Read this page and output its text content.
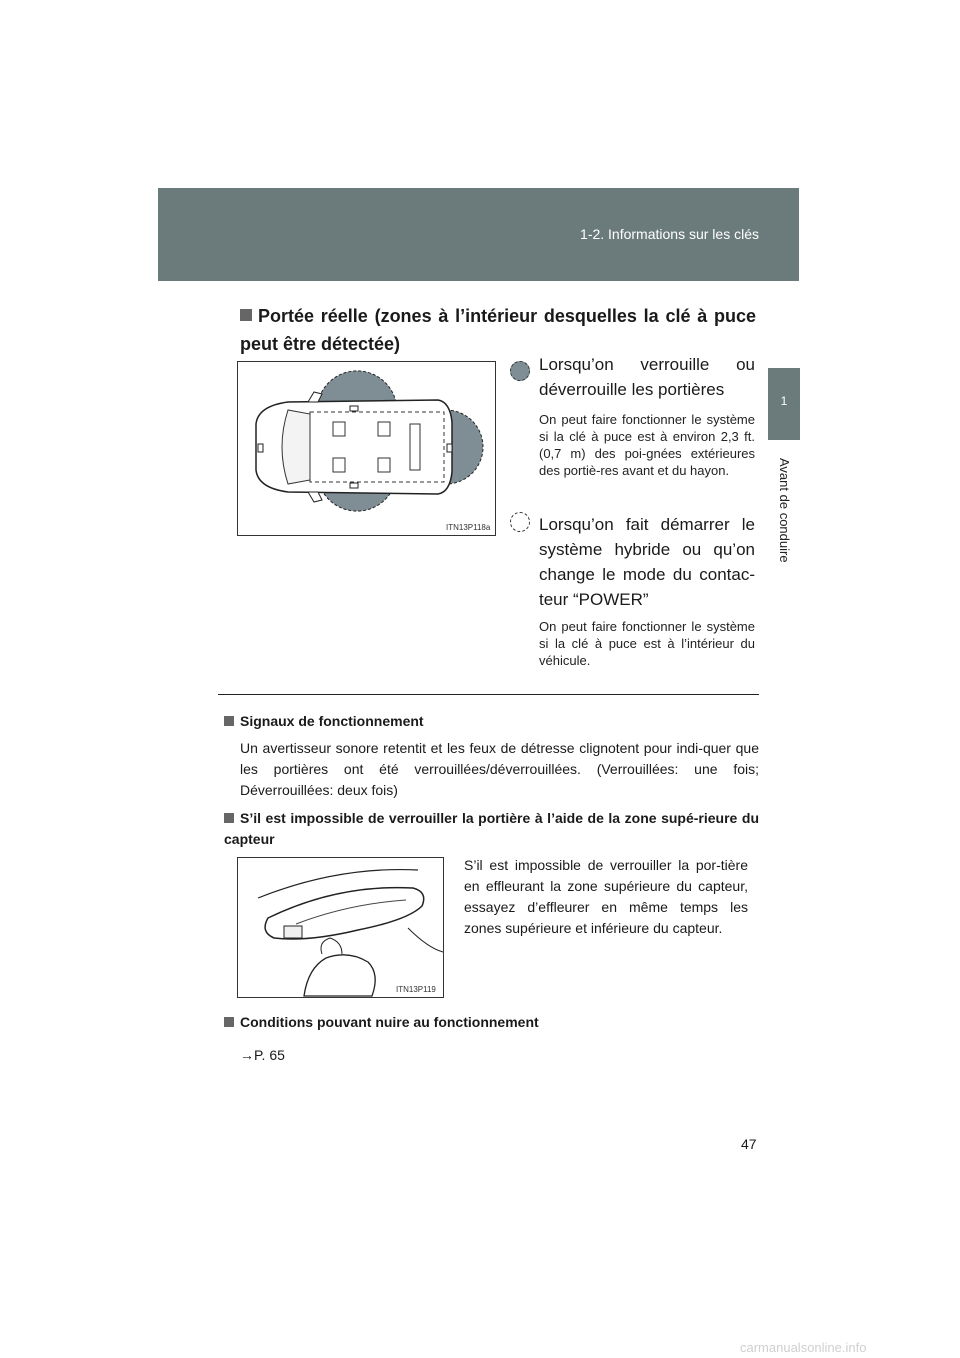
1-2. Informations sur les clés
1
Avant de conduire
Portée réelle (zones à l’intérieur desquelles la clé à puce peut être détectée)
ITN13P118a
Lorsqu’on verrouille ou déverrouille les portières
On peut faire fonctionner le système si la clé à puce est à environ 2,3 ft. (0,7 m) des poi-gnées extérieures des portiè-res avant et du hayon.
Lorsqu’on fait démarrer le système hybride ou qu’on change le mode du contac-teur “POWER”
On peut faire fonctionner le système si la clé à puce est à l’intérieur du véhicule.
Signaux de fonctionnement
Un avertisseur sonore retentit et les feux de détresse clignotent pour indi-quer que les portières ont été verrouillées/déverrouillées. (Verrouillées: une fois; Déverrouillées: deux fois)
S’il est impossible de verrouiller la portière à l’aide de la zone supé-rieure du capteur
ITN13P119
S’il est impossible de verrouiller la por-tière en effleurant la zone supérieure du capteur, essayez d’effleurer en même temps les zones supérieure et inférieure du capteur.
Conditions pouvant nuire au fonctionnement
→P. 65
47
carmanualsonline.info
